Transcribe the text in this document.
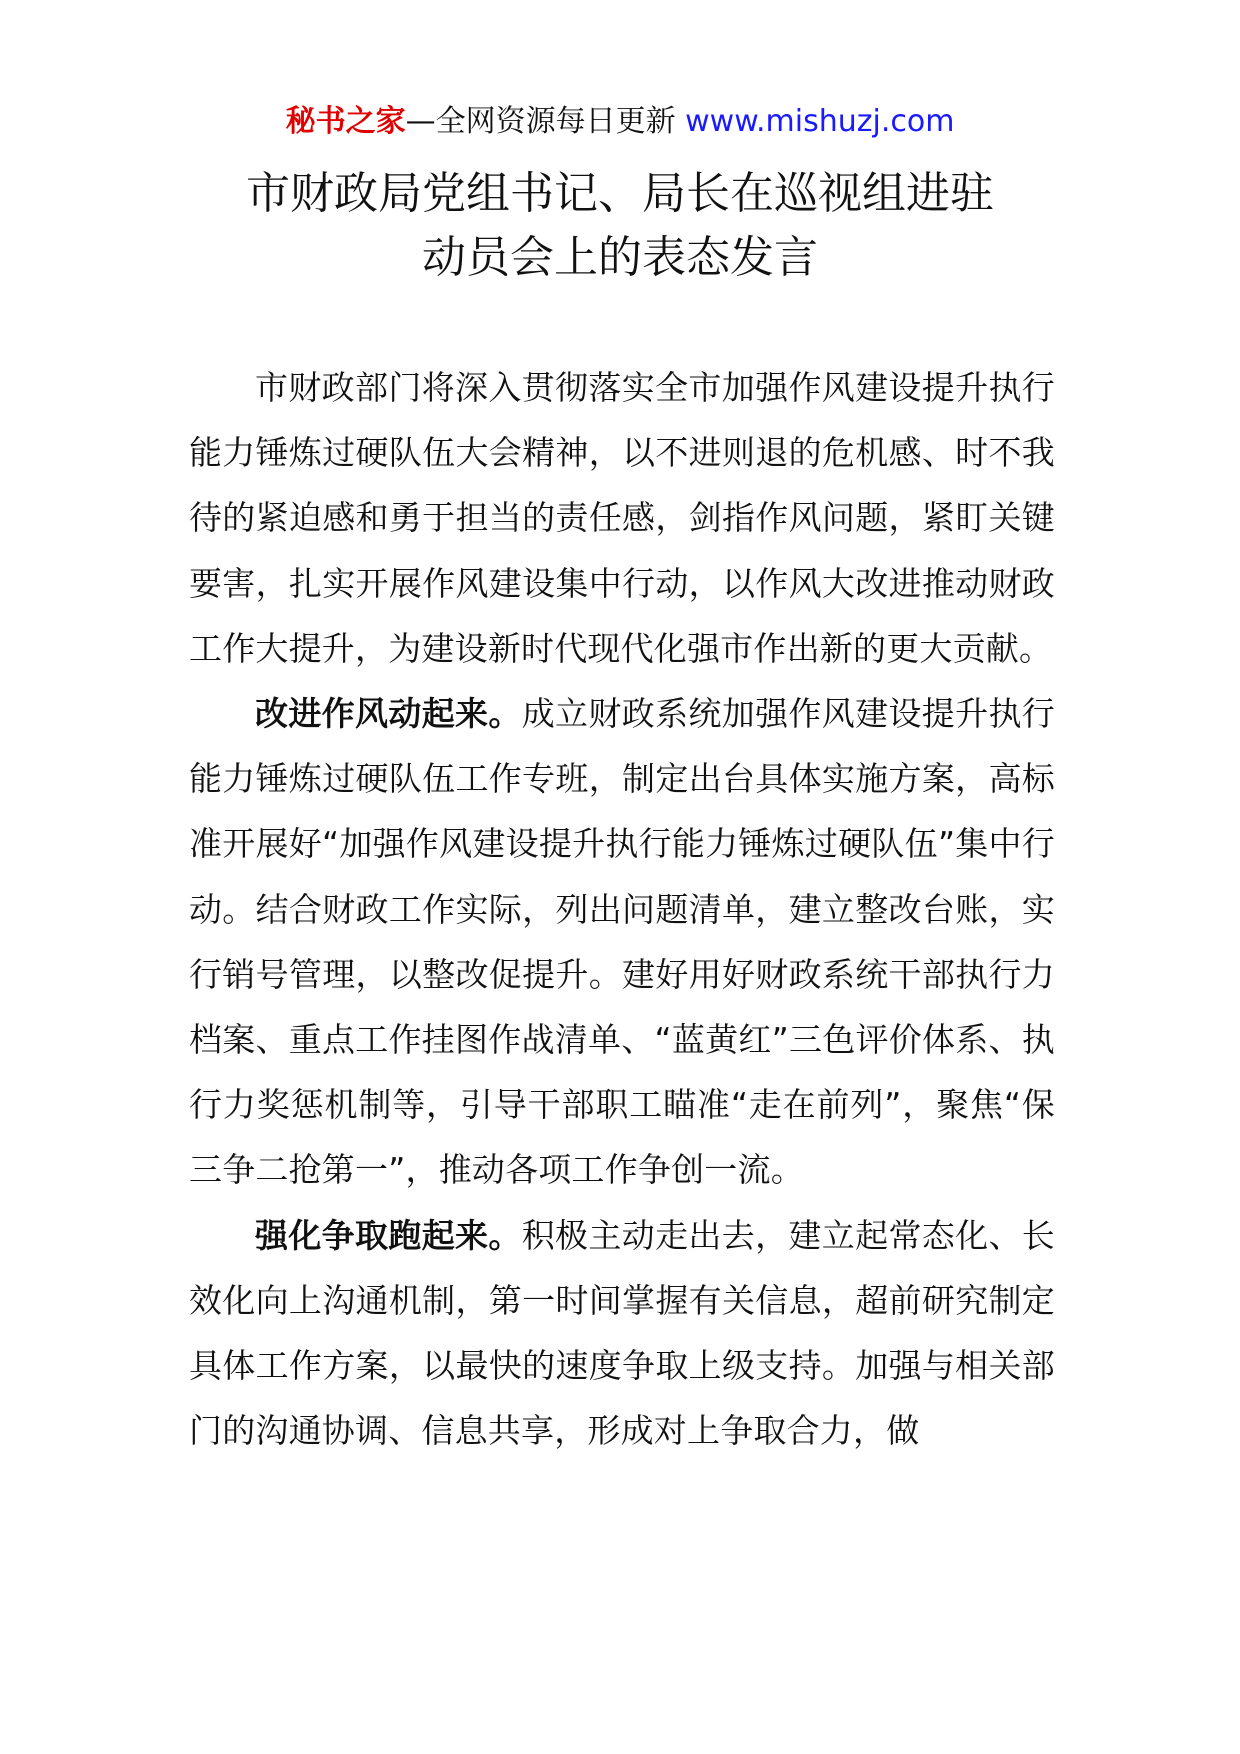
秘书之家—全网资源每日更新 www.mishuzj.com
市财政局党组书记、局长在巡视组进驻
动员会上的表态发言

市财政部门将深入贯彻落实全市加强作风建设提升执行能力锤炼过硬队伍大会精神，以不进则退的危机感、时不我待的紧迫感和勇于担当的责任感，剑指作风问题，紧盯关键要害，扎实开展作风建设集中行动，以作风大改进推动财政工作大提升，为建设新时代现代化强市作出新的更大贡献。

改进作风动起来。成立财政系统加强作风建设提升执行能力锤炼过硬队伍工作专班，制定出台具体实施方案，高标准开展好“加强作风建设提升执行能力锤炼过硬队伍”集中行动。结合财政工作实际，列出问题清单，建立整改台账，实行销号管理，以整改促提升。建好用好财政系统干部执行力档案、重点工作挂图作战清单、“蓝黄红”三色评价体系、执行力奖惩机制等，引导干部职工瞄准“走在前列”，聚焦“保三争二抢第一”，推动各项工作争创一流。

强化争取跑起来。积极主动走出去，建立起常态化、长效化向上沟通机制，第一时间掌握有关信息，超前研究制定具体工作方案，以最快的速度争取上级支持。加强与相关部门的沟通协调、信息共享，形成对上争取合力，做
